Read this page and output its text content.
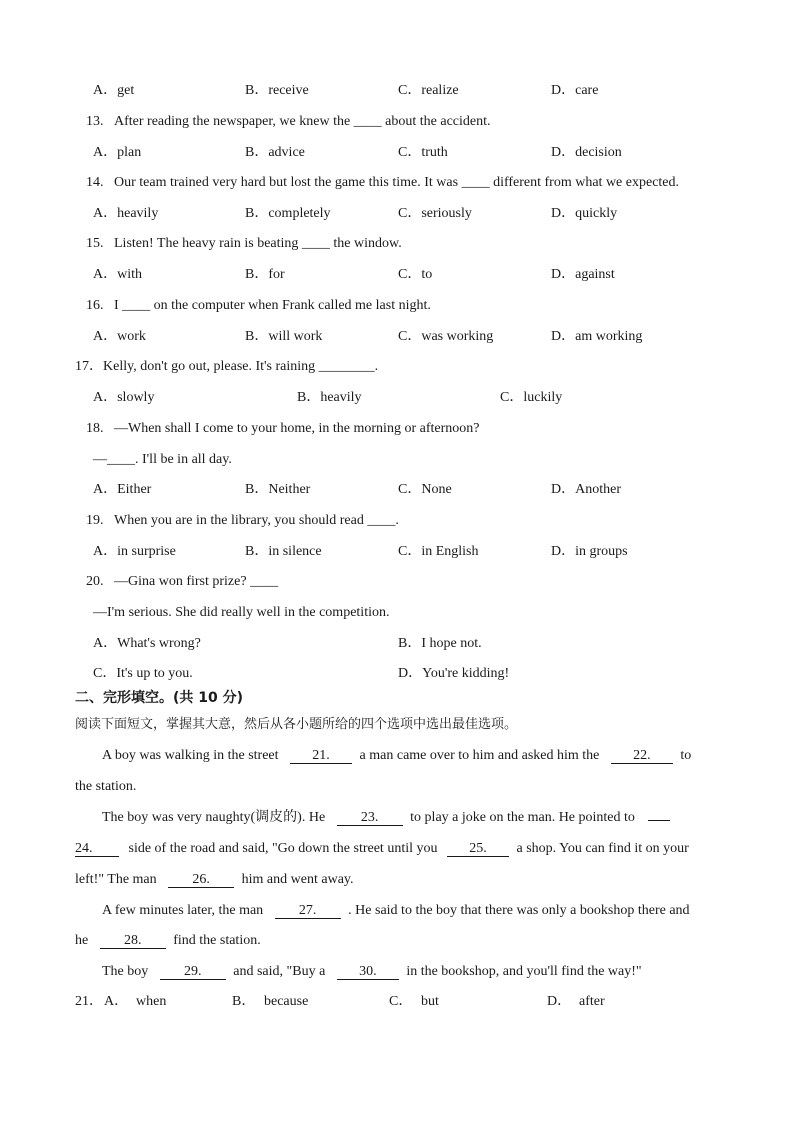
A．get	B．receive	C．realize	D．care
13.   After reading the newspaper, we knew the ____ about the accident.
A．plan	B．advice	C．truth	D．decision
14.   Our team trained very hard but lost the game this time. It was ____ different from what we expected.
A．heavily	B．completely	C．seriously	D．quickly
15.   Listen! The heavy rain is beating ____ the window.
A．with	B．for	C．to	D．against
16.   I ____ on the computer when Frank called me last night.
A．work	B．will work	C．was working	D．am working
17．Kelly, don't go out, please. It's raining ________.
A．slowly	B．heavily	C．luckily
18.   —When shall I come to your home, in the morning or afternoon?
—____. I'll be in all day.
A．Either	B．Neither	C．None	D．Another
19.   When you are in the library, you should read ____.
A．in surprise	B．in silence	C．in English	D．in groups
20.   —Gina won first prize? ____
—I'm serious. She did really well in the competition.
A．What's wrong?	B．I hope not.
C．It's up to you.	D．You're kidding!
二、完形填空。(共 10 分)
阅读下面短文，掌握其大意，然后从各小题所给的四个选项中选出最佳选项。
A boy was walking in the street 21. a man came over to him and asked him the 22. to
the station.
The boy was very naughty(调皮的). He	23. to play a joke on the man. He pointed to
24.	side of the road and said, "Go down the street until you 25. a shop. You can find it on your
left!" The man	26. him and went away.
A few minutes later, the man	27. . He said to the boy that there was only a bookshop there and
he	28. find the station.
The boy	29. and said, "Buy a 30. in the bookshop, and you'll find the way!"
21． A． when	B． because	C． but	D． after
